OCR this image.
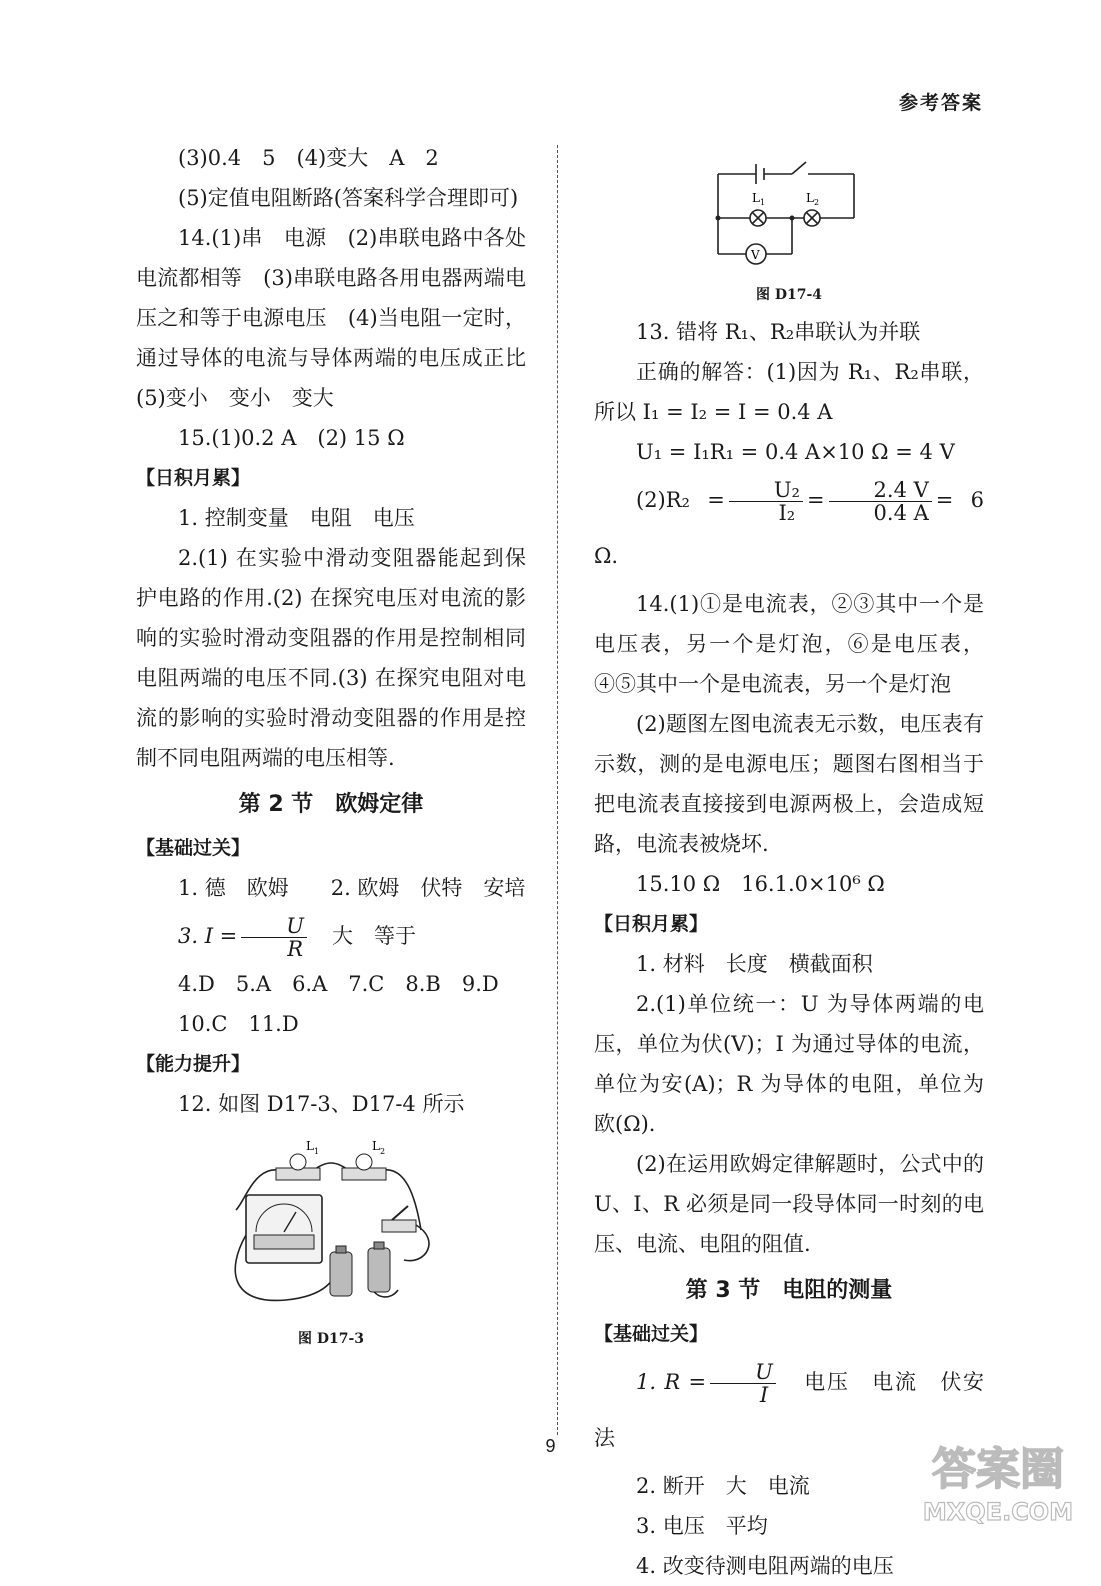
参考答案

(3)0.4　5　(4)变大　A　2

(5)定值电阻断路(答案科学合理即可)

14.(1)串　电源　(2)串联电路中各处电流都相等　(3)串联电路各用电器两端电压之和等于电源电压　(4)当电阻一定时，通过导体的电流与导体两端的电压成正比　(5)变小　变小　变大

15.(1)0.2 A　(2) 15 Ω

【日积月累】

1. 控制变量　电阻　电压

2.(1) 在实验中滑动变阻器能起到保护电路的作用.(2) 在探究电压对电流的影响的实验时滑动变阻器的作用是控制相同电阻两端的电压不同.(3) 在探究电阻对电流的影响的实验时滑动变阻器的作用是控制不同电阻两端的电压相等.

第 2 节　欧姆定律

【基础过关】

1. 德　欧姆　　2. 欧姆　伏特　安培

3. $I = \frac{U}{R}$ 　大　等于

4.D　5.A　6.A　7.C　8.B　9.D

10.C　11.D

【能力提升】

12. 如图 D17-3、D17-4 所示

L 1	L 2

图 D17-3

L 1	L 2
V

图 D17-4

13. 错将 R₁、R₂串联认为并联

正确的解答：(1)因为 R₁、R₂串联，所以 I₁ = I₂ = I = 0.4 A

U₁ = I₁R₁ = 0.4 A×10 Ω = 4 V

$(2)R_2 = \frac{\text{U₂}}{\text{I₂}} = \frac{2.4 V}{0.4 A} = 6$ Ω.

14.(1)①是电流表，②③其中一个是电压表，另一个是灯泡，⑥是电压表，④⑤其中一个是电流表，另一个是灯泡

(2)题图左图电流表无示数，电压表有示数，测的是电源电压；题图右图相当于把电流表直接接到电源两极上，会造成短路，电流表被烧坏.

15.10 Ω　16.1.0×10⁶ Ω

【日积月累】

1. 材料　长度　横截面积

2.(1)单位统一：U 为导体两端的电压，单位为伏(V)；I 为通过导体的电流，单位为安(A)；R 为导体的电阻，单位为欧(Ω).

(2)在运用欧姆定律解题时，公式中的 U、I、R 必须是同一段导体同一时刻的电压、电流、电阻的阻值.

第 3 节　电阻的测量

【基础过关】

1. $R = \frac{U}{I}$ 　电压　电流　伏安法

2. 断开　大　电流

3. 电压　平均

4. 改变待测电阻两端的电压

9	答案圈
MXQE.COM
